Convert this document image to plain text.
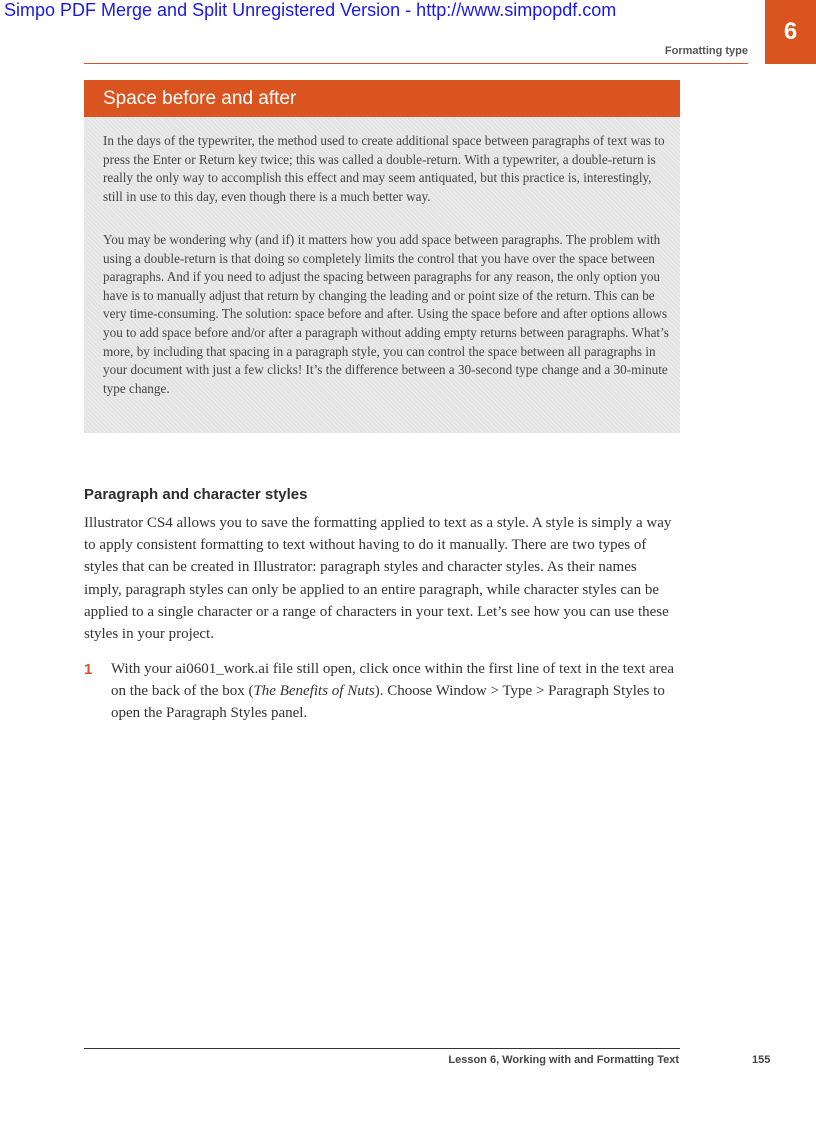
Simpo PDF Merge and Split Unregistered Version - http://www.simpopdf.com
6
Formatting type
Space before and after

In the days of the typewriter, the method used to create additional space between paragraphs of text was to press the Enter or Return key twice; this was called a double-return. With a typewriter, a double-return is really the only way to accomplish this effect and may seem antiquated, but this practice is, interestingly, still in use to this day, even though there is a much better way.

You may be wondering why (and if) it matters how you add space between paragraphs. The problem with using a double-return is that doing so completely limits the control that you have over the space between paragraphs. And if you need to adjust the spacing between paragraphs for any reason, the only option you have is to manually adjust that return by changing the leading and or point size of the return. This can be very time-consuming. The solution: space before and after. Using the space before and after options allows you to add space before and/or after a paragraph without adding empty returns between paragraphs. What’s more, by including that spacing in a paragraph style, you can control the space between all paragraphs in your document with just a few clicks! It’s the difference between a 30-second type change and a 30-minute type change.

Paragraph and character styles

Illustrator CS4 allows you to save the formatting applied to text as a style. A style is simply a way to apply consistent formatting to text without having to do it manually. There are two types of styles that can be created in Illustrator: paragraph styles and character styles. As their names imply, paragraph styles can only be applied to an entire paragraph, while character styles can be applied to a single character or a range of characters in your text. Let’s see how you can use these styles in your project.

1 With your ai0601_work.ai file still open, click once within the first line of text in the text area on the back of the box (The Benefits of Nuts). Choose Window > Type > Paragraph Styles to open the Paragraph Styles panel.

Lesson 6, Working with and Formatting Text	155
